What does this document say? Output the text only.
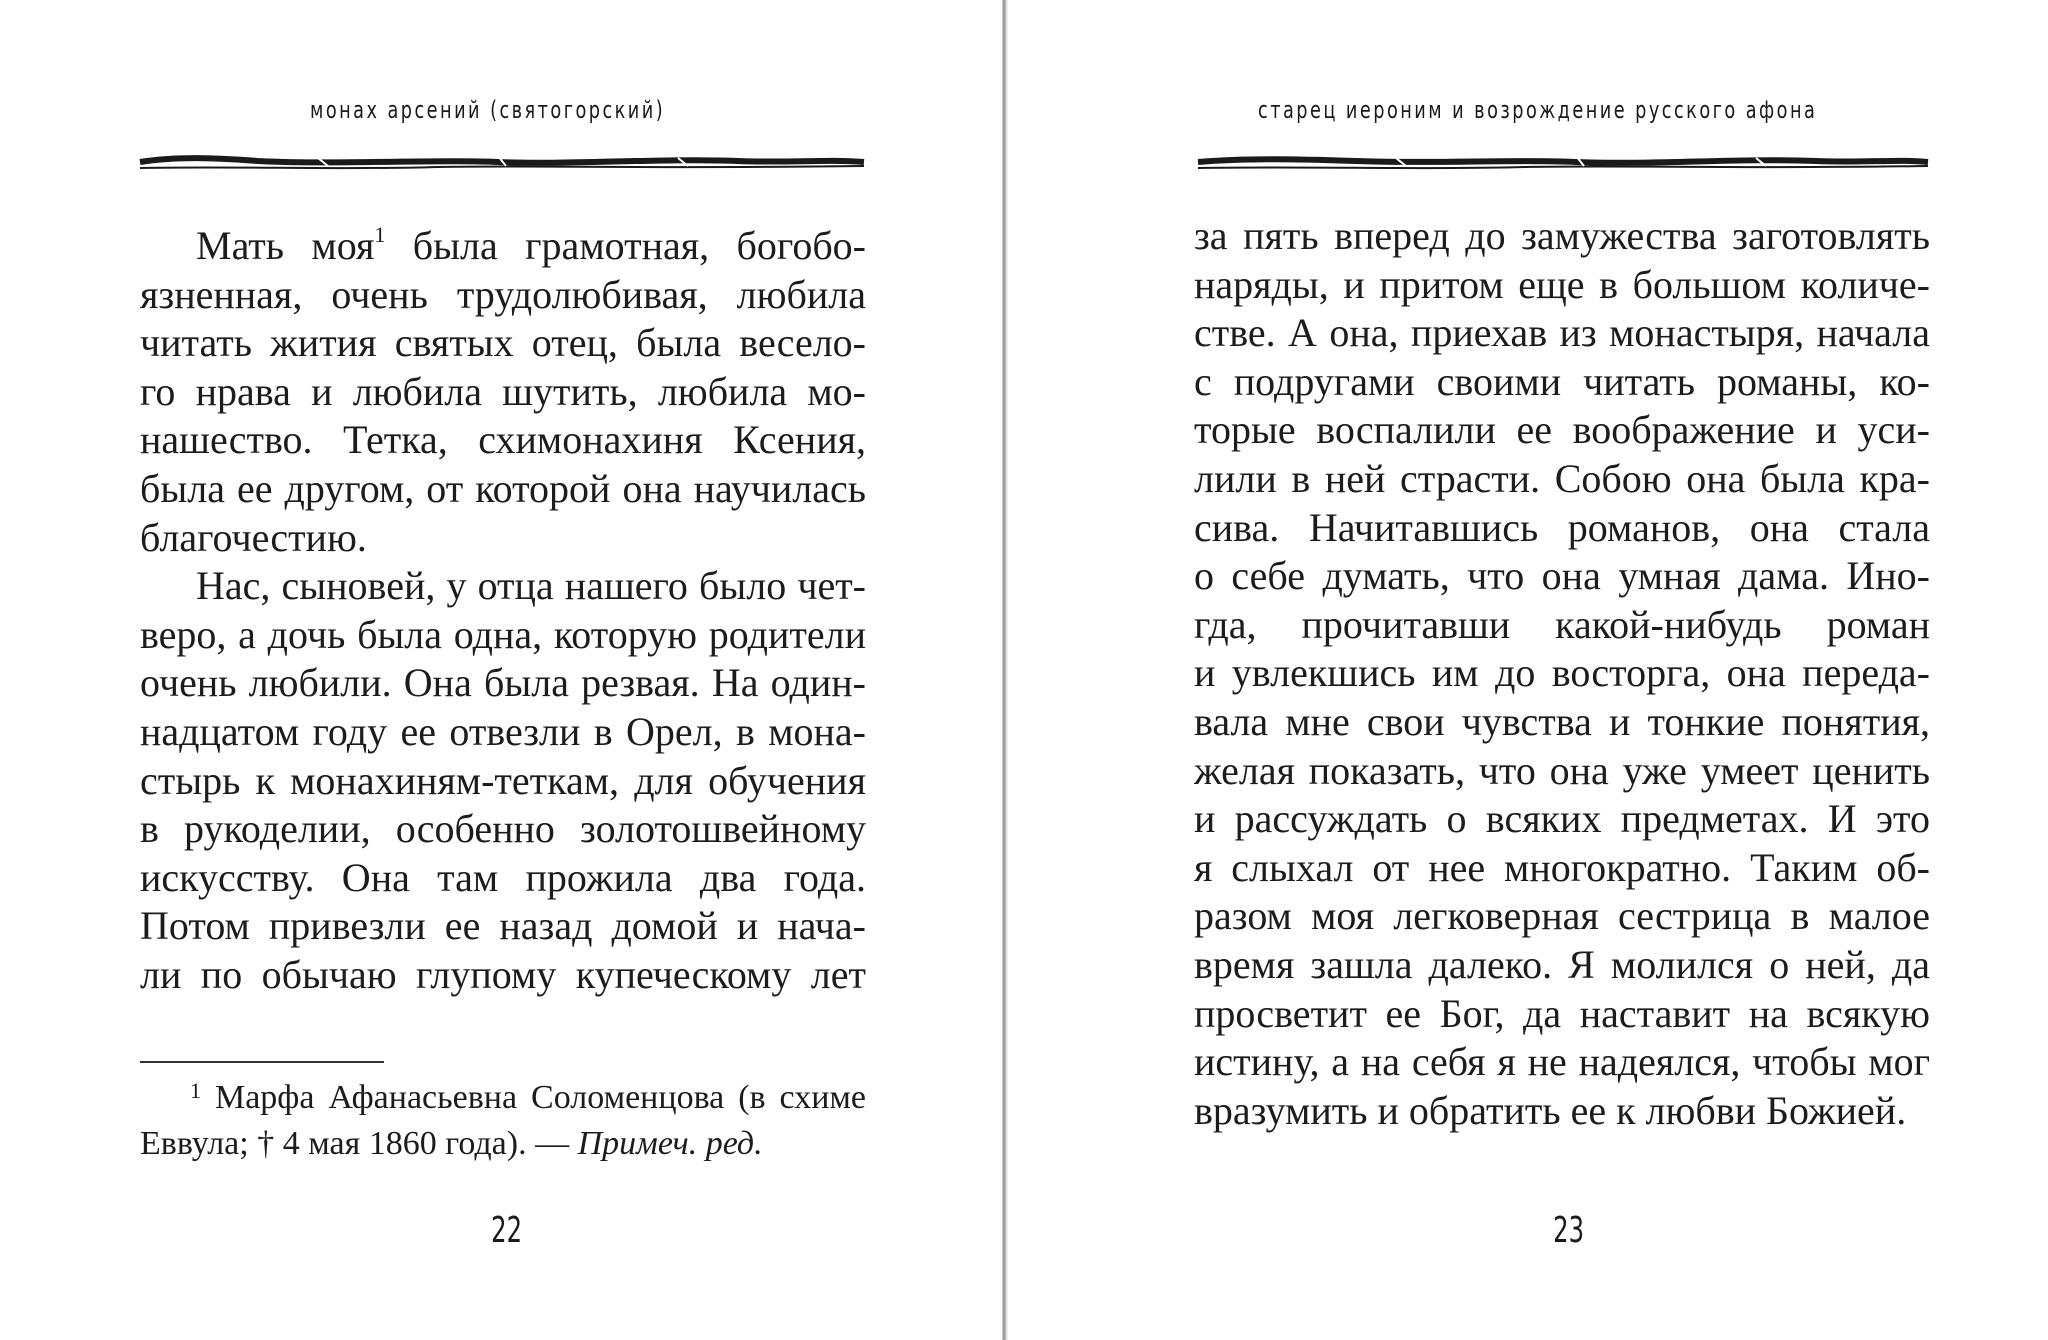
монах арсений (святогорский)
Мать моя$^1$ была грамотная, богобо-
язненная, очень трудолюбивая, любила
читать жития святых отец, была весело-
го нрава и любила шутить, любила мо-
нашество. Тетка, схимонахиня Ксения,
была ее другом, от которой она научилась
благочестию.
Нас, сыновей, у отца нашего было чет-
веро, а дочь была одна, которую родители
очень любили. Она была резвая. На один-
надцатом году ее отвезли в Орел, в мона-
стырь к монахиням-теткам, для обучения
в рукоделии, особенно золотошвейному
искусству. Она там прожила два года.
Потом привезли ее назад домой и нача-
ли по обычаю глупому купеческому лет
$^1$ Марфа Афанасьевна Соломенцова (в схиме
Еввула; † 4 мая 1860 года). — Примеч. ред.
22
старец иероним и возрождение русского афона
за пять вперед до замужества заготовлять
наряды, и притом еще в большом количе-
стве. А она, приехав из монастыря, начала
с подругами своими читать романы, ко-
торые воспалили ее воображение и уси-
лили в ней страсти. Собою она была кра-
сива. Начитавшись романов, она стала
о себе думать, что она умная дама. Ино-
гда, прочитавши какой-нибудь роман
и увлекшись им до восторга, она переда-
вала мне свои чувства и тонкие понятия,
желая показать, что она уже умеет ценить
и рассуждать о всяких предметах. И это
я слыхал от нее многократно. Таким об-
разом моя легковерная сестрица в малое
время зашла далеко. Я молился о ней, да
просветит ее Бог, да наставит на всякую
истину, а на себя я не надеялся, чтобы мог
вразумить и обратить ее к любви Божией.
23
